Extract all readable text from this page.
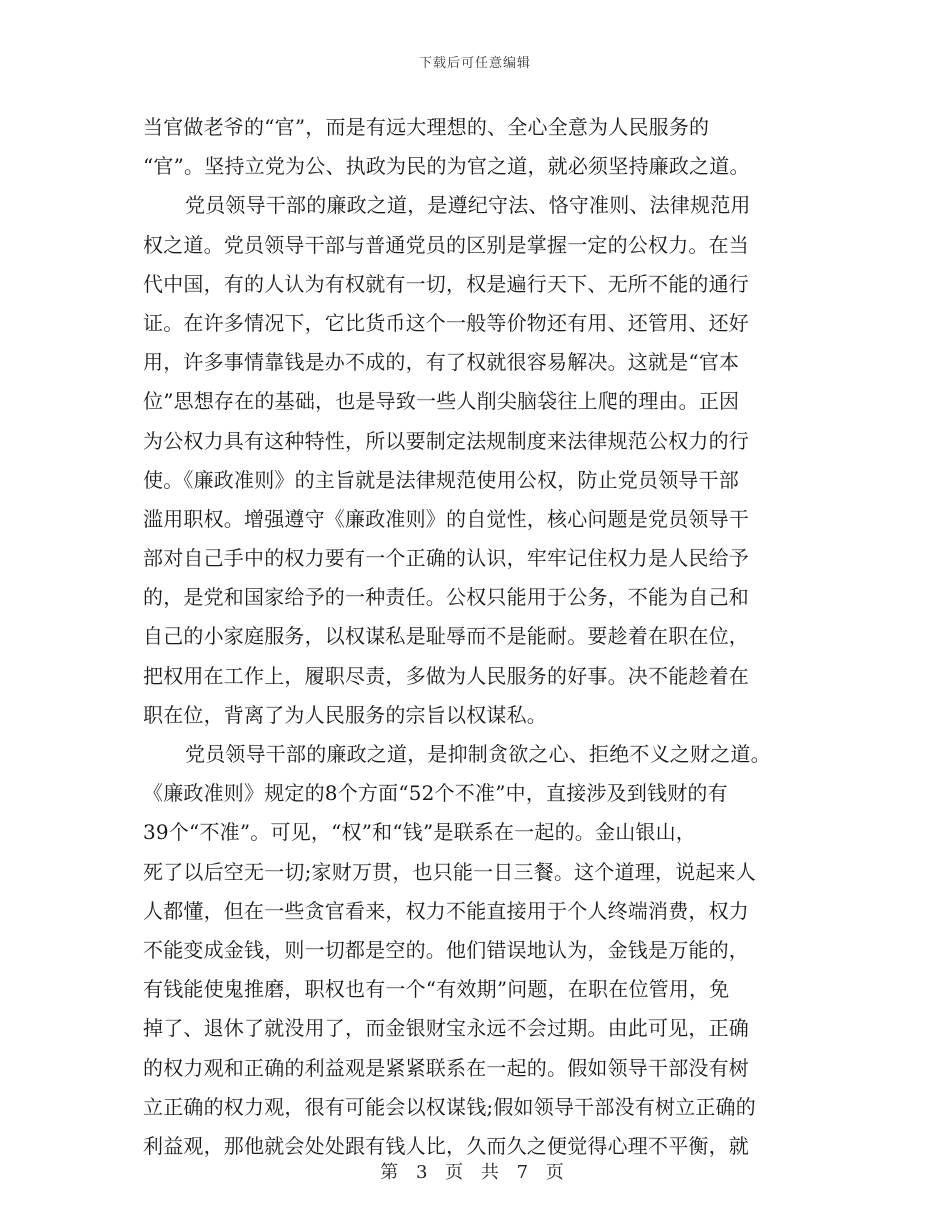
下载后可任意编辑
当官做老爷的“官”，而是有远大理想的、全心全意为人民服务的
“官”。坚持立党为公、执政为民的为官之道，就必须坚持廉政之道。
党员领导干部的廉政之道，是遵纪守法、恪守准则、法律规范用
权之道。党员领导干部与普通党员的区别是掌握一定的公权力。在当
代中国，有的人认为有权就有一切，权是遍行天下、无所不能的通行
证。在许多情况下，它比货币这个一般等价物还有用、还管用、还好
用，许多事情靠钱是办不成的，有了权就很容易解决。这就是“官本
位”思想存在的基础，也是导致一些人削尖脑袋往上爬的理由。正因
为公权力具有这种特性，所以要制定法规制度来法律规范公权力的行
使。《廉政准则》的主旨就是法律规范使用公权，防止党员领导干部
滥用职权。增强遵守《廉政准则》的自觉性，核心问题是党员领导干
部对自己手中的权力要有一个正确的认识，牢牢记住权力是人民给予
的，是党和国家给予的一种责任。公权只能用于公务，不能为自己和
自己的小家庭服务，以权谋私是耻辱而不是能耐。要趁着在职在位，
把权用在工作上，履职尽责，多做为人民服务的好事。决不能趁着在
职在位，背离了为人民服务的宗旨以权谋私。
党员领导干部的廉政之道，是抑制贪欲之心、拒绝不义之财之道。
《廉政准则》规定的8个方面“52个不准”中，直接涉及到钱财的有
39个“不准”。可见，“权”和“钱”是联系在一起的。金山银山，
死了以后空无一切;家财万贯，也只能一日三餐。这个道理，说起来人
人都懂，但在一些贪官看来，权力不能直接用于个人终端消费，权力
不能变成金钱，则一切都是空的。他们错误地认为，金钱是万能的，
有钱能使鬼推磨，职权也有一个“有效期”问题，在职在位管用，免
掉了、退休了就没用了，而金银财宝永远不会过期。由此可见，正确
的权力观和正确的利益观是紧紧联系在一起的。假如领导干部没有树
立正确的权力观，很有可能会以权谋钱;假如领导干部没有树立正确的
利益观，那他就会处处跟有钱人比，久而久之便觉得心理不平衡，就
第 3 页 共 7 页
